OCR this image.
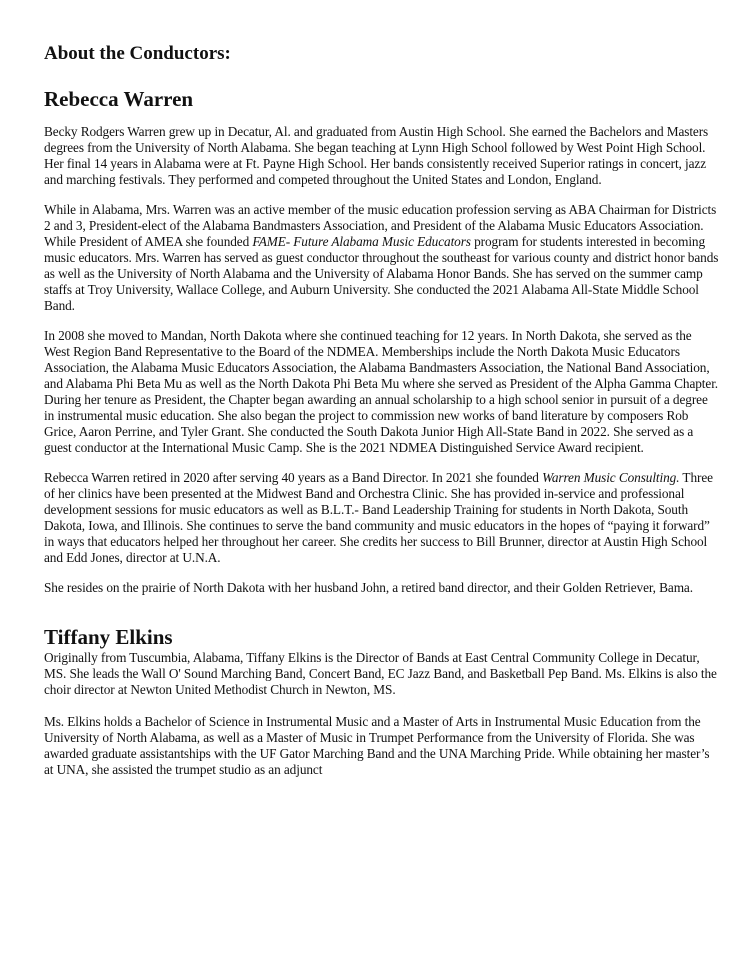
About the Conductors:
Rebecca Warren

Becky Rodgers Warren grew up in Decatur, Al. and graduated from Austin High School. She earned the Bachelors and Masters degrees from the University of North Alabama. She began teaching at Lynn High School followed by West Point High School. Her final 14 years in Alabama were at Ft. Payne High School. Her bands consistently received Superior ratings in concert, jazz and marching festivals. They performed and competed throughout the United States and London, England.

While in Alabama, Mrs. Warren was an active member of the music education profession serving as ABA Chairman for Districts 2 and 3, President-elect of the Alabama Bandmasters Association, and President of the Alabama Music Educators Association. While President of AMEA she founded FAME- Future Alabama Music Educators program for students interested in becoming music educators. Mrs. Warren has served as guest conductor throughout the southeast for various county and district honor bands as well as the University of North Alabama and the University of Alabama Honor Bands. She has served on the summer camp staffs at Troy University, Wallace College, and Auburn University. She conducted the 2021 Alabama All-State Middle School Band.

In 2008 she moved to Mandan, North Dakota where she continued teaching for 12 years. In North Dakota, she served as the West Region Band Representative to the Board of the NDMEA. Memberships include the North Dakota Music Educators Association, the Alabama Music Educators Association, the Alabama Bandmasters Association, the National Band Association, and Alabama Phi Beta Mu as well as the North Dakota Phi Beta Mu where she served as President of the Alpha Gamma Chapter. During her tenure as President, the Chapter began awarding an annual scholarship to a high school senior in pursuit of a degree in instrumental music education. She also began the project to commission new works of band literature by composers Rob Grice, Aaron Perrine, and Tyler Grant. She conducted the South Dakota Junior High All-State Band in 2022. She served as a guest conductor at the International Music Camp. She is the 2021 NDMEA Distinguished Service Award recipient.

Rebecca Warren retired in 2020 after serving 40 years as a Band Director. In 2021 she founded Warren Music Consulting. Three of her clinics have been presented at the Midwest Band and Orchestra Clinic. She has provided in-service and professional development sessions for music educators as well as B.L.T.- Band Leadership Training for students in North Dakota, South Dakota, Iowa, and Illinois. She continues to serve the band community and music educators in the hopes of “paying it forward” in ways that educators helped her throughout her career. She credits her success to Bill Brunner, director at Austin High School and Edd Jones, director at U.N.A.

She resides on the prairie of North Dakota with her husband John, a retired band director, and their Golden Retriever, Bama.

Tiffany Elkins

Originally from Tuscumbia, Alabama, Tiffany Elkins is the Director of Bands at East Central Community College in Decatur, MS. She leads the Wall O' Sound Marching Band, Concert Band, EC Jazz Band, and Basketball Pep Band. Ms. Elkins is also the choir director at Newton United Methodist Church in Newton, MS.

Ms. Elkins holds a Bachelor of Science in Instrumental Music and a Master of Arts in Instrumental Music Education from the University of North Alabama, as well as a Master of Music in Trumpet Performance from the University of Florida. She was awarded graduate assistantships with the UF Gator Marching Band and the UNA Marching Pride. While obtaining her master’s at UNA, she assisted the trumpet studio as an adjunct
